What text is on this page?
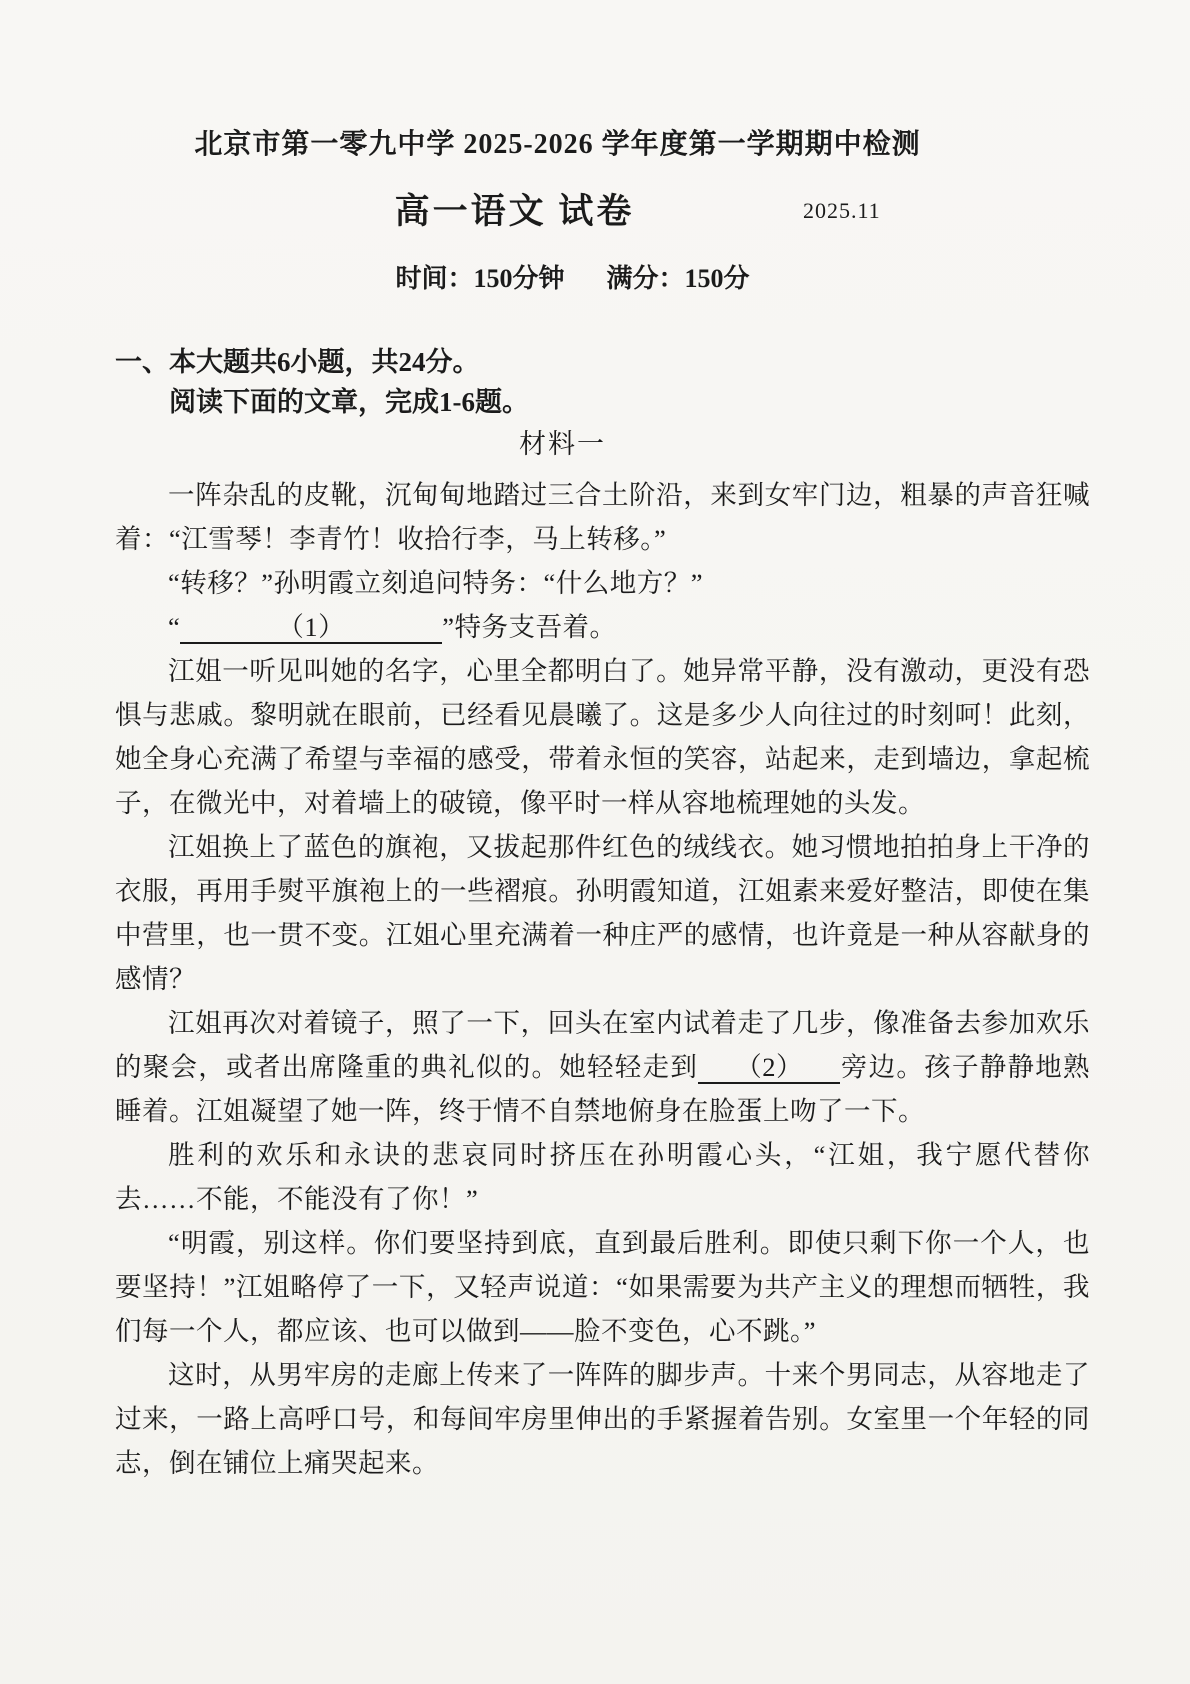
北京市第一零九中学 2025-2026 学年度第一学期期中检测
高一语文 试卷	2025.11
时间：150分钟 满分：150分
一、本大题共6小题，共24分。
阅读下面的文章，完成1-6题。
材料一

一阵杂乱的皮靴，沉甸甸地踏过三合土阶沿，来到女牢门边，粗暴的声音狂喊着：“江雪琴！李青竹！收拾行李，马上转移。”

“转移？”孙明霞立刻追问特务：“什么地方？”

“	（1）	”特务支吾着。

江姐一听见叫她的名字，心里全都明白了。她异常平静，没有激动，更没有恐惧与悲戚。黎明就在眼前，已经看见晨曦了。这是多少人向往过的时刻呵！此刻，她全身心充满了希望与幸福的感受，带着永恒的笑容，站起来，走到墙边，拿起梳子，在微光中，对着墙上的破镜，像平时一样从容地梳理她的头发。

江姐换上了蓝色的旗袍，又拔起那件红色的绒线衣。她习惯地拍拍身上干净的衣服，再用手熨平旗袍上的一些褶痕。孙明霞知道，江姐素来爱好整洁，即使在集中营里，也一贯不变。江姐心里充满着一种庄严的感情，也许竟是一种从容献身的感情？

江姐再次对着镜子，照了一下，回头在室内试着走了几步，像准备去参加欢乐的聚会，或者出席隆重的典礼似的。她轻轻走到 （2） 旁边。孩子静静地熟睡着。江姐凝望了她一阵，终于情不自禁地俯身在脸蛋上吻了一下。

胜利的欢乐和永诀的悲哀同时挤压在孙明霞心头，“江姐，我宁愿代替你去……不能，不能没有了你！”

“明霞，别这样。你们要坚持到底，直到最后胜利。即使只剩下你一个人，也要坚持！”江姐略停了一下，又轻声说道：“如果需要为共产主义的理想而牺牲，我们每一个人，都应该、也可以做到——脸不变色，心不跳。”

这时，从男牢房的走廊上传来了一阵阵的脚步声。十来个男同志，从容地走了过来，一路上高呼口号，和每间牢房里伸出的手紧握着告别。女室里一个年轻的同志，倒在铺位上痛哭起来。
